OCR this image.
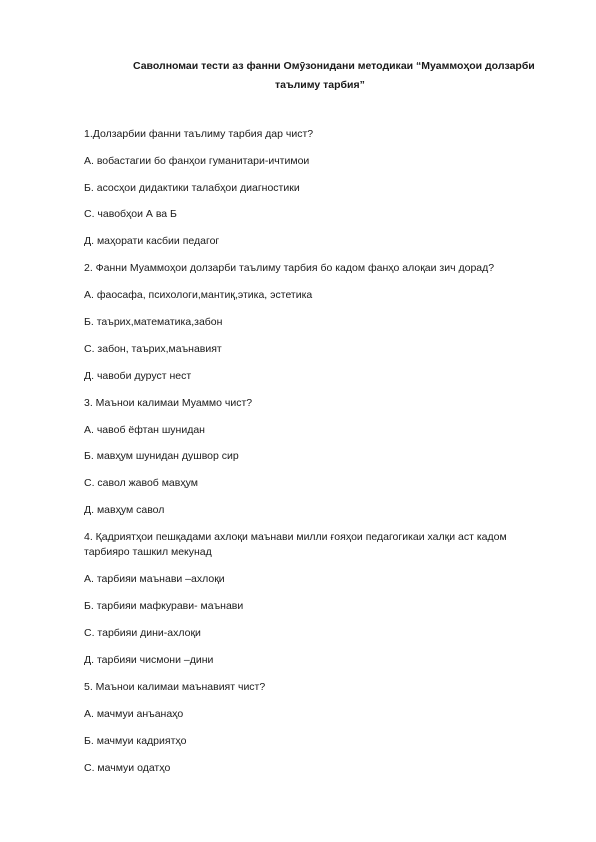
Саволномаи тести аз фанни Омӯзонидани методикаи “Муаммоҳои долзарби
таълиму тарбия”
1.Долзарбии фанни таълиму тарбия дар чист?
А. вобастагии бо фанҳои гуманитари-ичтимои
Б. асосҳои дидактики талабҳои диагностики
С. чавобҳои А ва Б
Д. маҳорати касбии педагог
2. Фанни Муаммоҳои долзарби таълиму тарбия бо кадом фанҳо алоқаи зич дорад?
А. фаосафа, психологи,мантиқ,этика, эстетика
Б. таърих,математика,забон
С. забон, таърих,маънавият
Д. чавоби дуруст нест
3. Маънои калимаи Муаммо чист?
А. чавоб ёфтан шунидан
Б. мавҳум шунидан душвор сир
С. савол жавоб мавҳум
Д. мавҳум савол
4. Қадриятҳои пешқадами ахлоқи маънави милли ғояҳои педагогикаи халқи аст кадом тарбияро ташкил мекунад
А. тарбияи маънави –ахлоқи
Б. тарбияи мафкурави- маънави
С. тарбияи дини-ахлоқи
Д. тарбияи чисмони –дини
5. Маънои калимаи маънавият чист?
А. мачмуи анъанаҳо
Б. мачмуи кадриятҳо
С. мачмуи одатҳо
